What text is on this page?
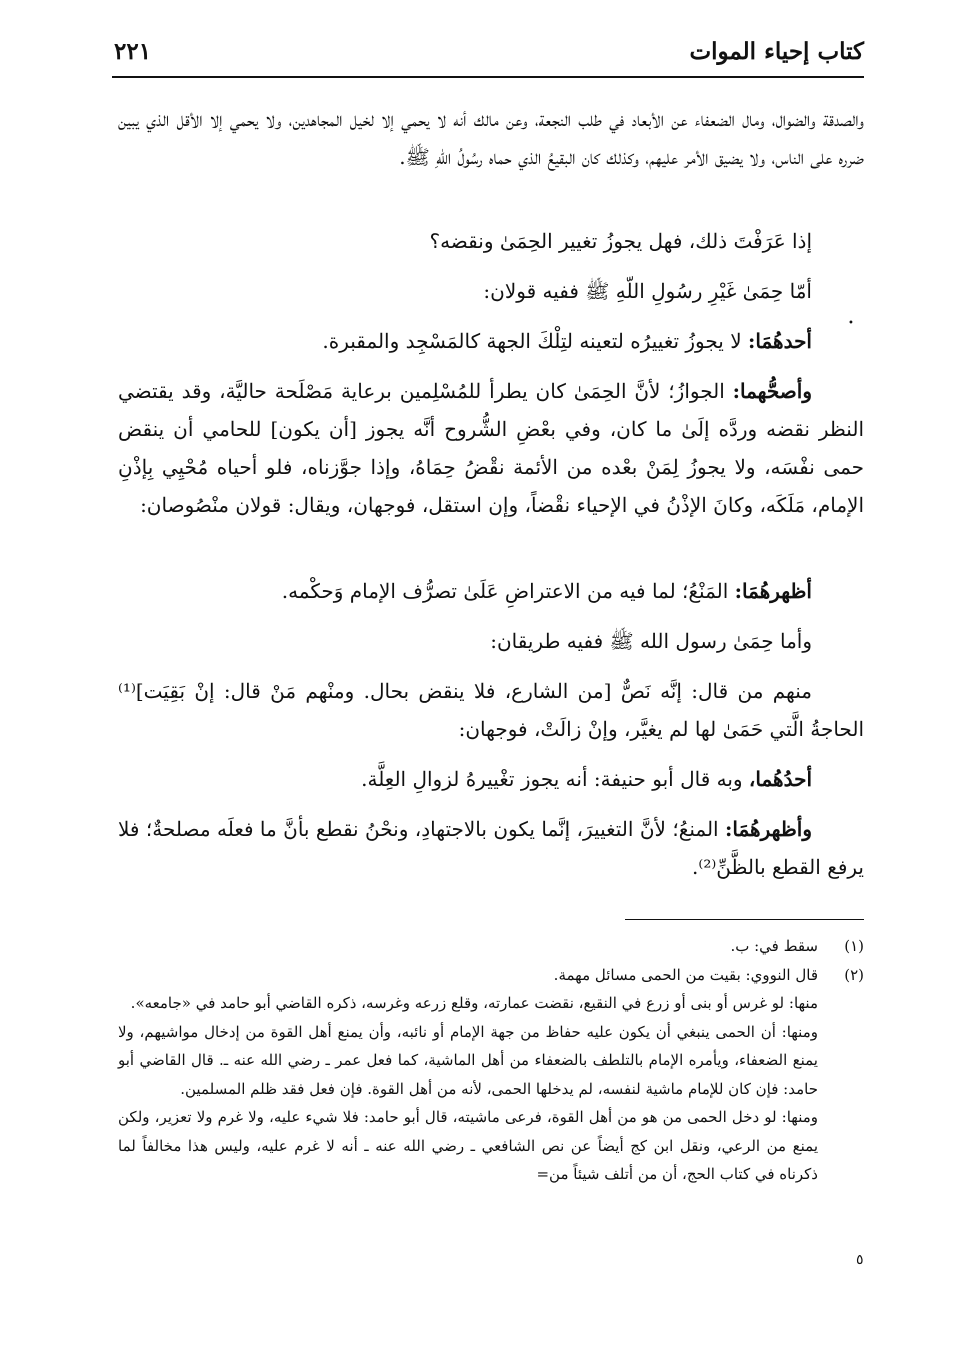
كتاب إحياء الموات
٢٢١
والصدقة والضوال، ومال الضعفاء عن الأبعاد في طلب النجعة، وعن مالك أنه لا يحمي إلا لخيل المجاهدين، ولا يحمي إلا الأقل الذي يبين ضرره على الناس، ولا يضيق الأمر عليهم، وكذلك كان البقيعُ الذي حماه رسُولُ اللّهِ ﷺ.
إذا عَرَفْتَ ذلك، فهل يجوزُ تغيير الحِمَىٰ ونقضه؟
أمّا حِمَىٰ غَيْرِ رسُولِ اللّهِ ﷺ ففيه قولان:
أحدهُمَا: لا يجوزُ تغييرُه لتعينه لتِلْكَ الجهة كالمَسْجِد والمقبرة.
وأصحُّهما: الجوازُ؛ لأنَّ الحِمَىٰ كان يطرأ للمُسْلِمين برعاية مَصْلَحة حاليَّة، وقد يقتضي النظر نقضه وردَّه إلَىٰ ما كان، وفي بعْضِ الشُّروح أنَّه يجوز [أن يكون] للحامي أن ينقض حمى نفْسَه، ولا يجوزُ لِمَنْ بعْده من الأئمة نقْضُ حِمَاهُ، وإذا جوَّزناه، فلو أحياه مُحْيِي بِإذْنِ الإمام، مَلَكَه، وكانَ الإذْنُ في الإحياء نقْضاً، وإن استقل، فوجهان، ويقال: قولان منْصُوصان:
أظهرهُمَا: المَنْعُ؛ لما فيه من الاعتراضِ عَلَىٰ تصرُّف الإمام وَحكْمه.
وأما حِمَىٰ رسول الله ﷺ ففيه طريقان:
منهم من قال: إنَّه نَصٌّ [من الشارع، فلا ينقض بحال. ومنْهم مَنْ قال: إنْ بَقِيَت]⁽¹⁾ الحاجةُ الَّتي حَمَىٰ لها لم يغيَّر، وإنْ زالَتْ، فوجهان:
أحدُهُما، وبه قال أبو حنيفة: أنه يجوز تغْييرهُ لزوالِ العِلَّة.
وأظهرهُمَا: المنعُ؛ لأنَّ التغييرَ، إنَّما يكون بالاجتهادِ، ونحْنُ نقطع بأنَّ ما فعلَه مصلحةٌ؛ فلا يرفع القطع بالظَّنِّ⁽²⁾.
(١)
سقط في: ب.
(٢)
قال النووي: بقيت من الحمى مسائل مهمة.
منها: لو غرس أو بنى أو زرع في النقيع، نقضت عمارته، وقلع زرعه وغرسه، ذكره القاضي أبو حامد في «جامعه».
ومنها: أن الحمى ينبغي أن يكون عليه حفاظ من جهة الإمام أو نائبه، وأن يمنع أهل القوة من إدخال مواشيهم، ولا يمنع الضعفاء، ويأمره الإمام بالتلطف بالضعفاء من أهل الماشية، كما فعل عمر ـ رضي الله عنه ـ. قال القاضي أبو حامد: فإن كان للإمام ماشية لنفسه، لم يدخلها الحمى، لأنه من أهل القوة. فإن فعل فقد ظلم المسلمين.
ومنها: لو دخل الحمى من هو من أهل القوة، فرعى ماشيته، قال أبو حامد: فلا شيء عليه، ولا غرم ولا تعزير، ولكن يمنع من الرعي، ونقل ابن كج أيضاً عن نص الشافعي ـ رضي الله عنه ـ أنه لا غرم عليه، وليس هذا مخالفاً لما ذكرناه في كتاب الحج، أن من أتلف شيئاً من=
•
٥
